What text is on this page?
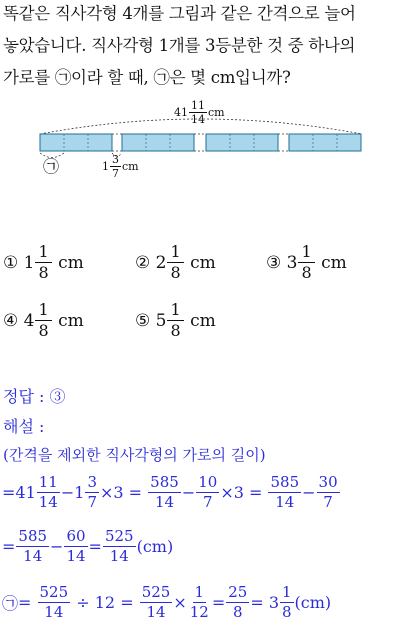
똑같은 직사각형 4개를 그림과 같은 간격으로 늘어
놓았습니다. 직사각형 1개를 3등분한 것 중 하나의
가로를 ㉠이라 할 때, ㉠은 몇 cm입니까?
$41 \frac{11}{14}$ cm
㉠	$1 \frac{3}{7}$ cm
①
$1 \frac{1}{8}$
cm	②
$2 \frac{1}{8}$
cm	③
$3 \frac{1}{8}$
cm
④
$4 \frac{1}{8}$
cm	⑤
$5 \frac{1}{8}$
cm
정답 : ③
해설 :
(간격을 제외한 직사각형의 가로의 길이)
= $41 \frac{11}{14} - 1 \frac{3}{7} \times 3$ =
$\frac{585}{14} - \frac{10}{7} \times 3$ =
$\frac{585}{14} - \frac{30}{7}$
= $\frac{585}{14} - \frac{60}{14} = \frac{525}{14} (cm)$
㉠ =
$\frac{525}{14}$
÷ 12 =
$\frac{525}{14} \times \frac{1}{12} = \frac{25}{8} = 3 \frac{1}{8} (cm)$
